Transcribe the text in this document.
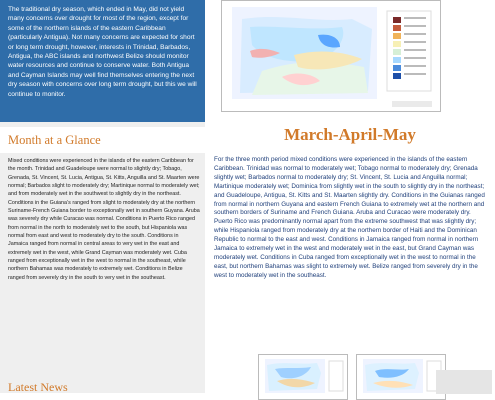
The traditional dry season, which ended in May, did not yield many concerns over drought for most of the region, except for some of the northern islands of the eastern Caribbean (particularly Antigua). Not many concerns are expected for short or long term drought, however, interests in Trinidad, Barbados, Antigua, the ABC islands and northwest Belize should monitor water resources and continue to conserve water. Both Antigua and Cayman Islands may well find themselves entering the next dry season with concerns over long term drought, but this we will continue to monitor.

Month at a Glance

Mixed conditions were experienced in the islands of the eastern Caribbean for the month. Trinidad and Guadeloupe were normal to slightly dry; Tobago, Grenada, St. Vincent, St. Lucia, Antigua, St. Kitts, Anguilla and St. Maarten were normal; Barbados slight to moderately dry; Martinique normal to moderately wet; and from moderately wet in the southwest to slightly dry in the northeast. Conditions in the Guiana’s ranged from slight to moderately dry at the northern Suriname-French Guiana border to exceptionally wet in southern Guyana. Aruba was severely dry while Curacao was normal. Conditions in Puerto Rico ranged from normal in the north to moderately wet to the south, but Hispaniola was normal from east and west to moderately dry to the south. Conditions in Jamaica ranged from normal in central areas to very wet in the east and extremely wet in the west, while Grand Cayman was moderately wet. Cuba ranged from exceptionally wet in the west to normal in the southeast, while northern Bahamas was moderately to extremely wet. Conditions in Belize ranged from severely dry in the south to very wet in the southeast.

Latest News
March-April-May

For the three month period mixed conditions were experienced in the islands of the eastern Caribbean. Trinidad was normal to moderately wet; Tobago normal to moderately dry; Grenada slightly wet; Barbados normal to moderately dry; St. Vincent, St. Lucia and Anguilla normal; Martinique moderately wet; Dominica from slightly wet in the south to slightly dry in the northeast; and Guadeloupe, Antigua, St. Kitts and St. Maarten slightly dry. Conditions in the Guianas ranged from normal in northern Guyana and eastern French Guiana to extremely wet at the northern and southern borders of Suriname and French Guiana. Aruba and Curacao were moderately dry. Puerto Rico was predominantly normal apart from the extreme southwest that was slightly dry; while Hispaniola ranged from moderately dry at the northern border of Haiti and the Dominican Republic to normal to the east and west. Conditions in Jamaica ranged from normal in northern Jamaica to extremely wet in the west and moderately wet in the east, but Grand Cayman was moderately wet. Conditions in Cuba ranged from exceptionally wet in the west to normal in the east, but northern Bahamas was slight to extremely wet. Belize ranged from severely dry in the west to moderately wet in the southeast.
